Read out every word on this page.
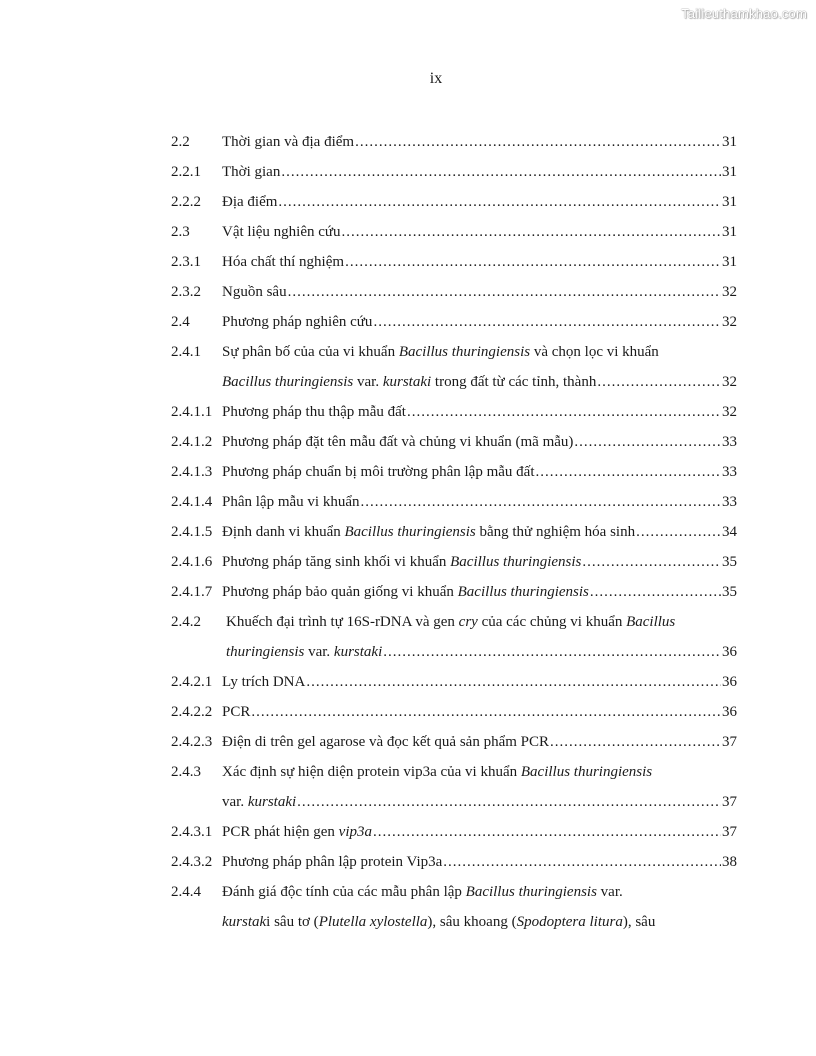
Tailieuthamkhao.com
ix
2.2	Thời gian và địa điểm .....	31
2.2.1	Thời gian .....	31
2.2.2	Địa điểm .....	31
2.3	Vật liệu nghiên cứu .....	31
2.3.1	Hóa chất thí nghiệm .....	31
2.3.2	Nguồn sâu .....	32
2.4	Phương pháp nghiên cứu .....	32
2.4.1	Sự phân bố của của vi khuẩn Bacillus thuringiensis và chọn lọc vi khuẩn
Bacillus thuringiensis var. kurstaki trong đất từ các tỉnh, thành .....	32
2.4.1.1 Phương pháp thu thập mẫu đất .....	32
2.4.1.2 Phương pháp đặt tên mẫu đất và chủng vi khuẩn (mã mẫu) .....	33
2.4.1.3 Phương pháp chuẩn bị môi trường phân lập mẫu đất .....	33
2.4.1.4 Phân lập mẫu vi khuẩn .....	33
2.4.1.5 Định danh vi khuẩn Bacillus thuringiensis bằng thử nghiệm hóa sinh .....	34
2.4.1.6 Phương pháp tăng sinh khối vi khuẩn Bacillus thuringiensis .....	35
2.4.1.7 Phương pháp bảo quản giống vi khuẩn Bacillus thuringiensis .....	35
2.4.2	Khuếch đại trình tự 16S-rDNA và gen cry của các chủng vi khuẩn Bacillus
thuringiensis var. kurstaki .....	36
2.4.2.1 Ly trích DNA .....	36
2.4.2.2 PCR .....	36
2.4.2.3 Điện di trên gel agarose và đọc kết quả sản phẩm PCR .....	37
2.4.3	Xác định sự hiện diện protein vip3a của vi khuẩn Bacillus thuringiensis
var. kurstaki .....	37
2.4.3.1 PCR phát hiện gen vip3a .....	37
2.4.3.2 Phương pháp phân lập protein Vip3a .....	38
2.4.4	Đánh giá độc tính của các mẫu phân lập Bacillus thuringiensis var.
kurstaki sâu tơ (Plutella xylostella), sâu khoang (Spodoptera litura), sâu
